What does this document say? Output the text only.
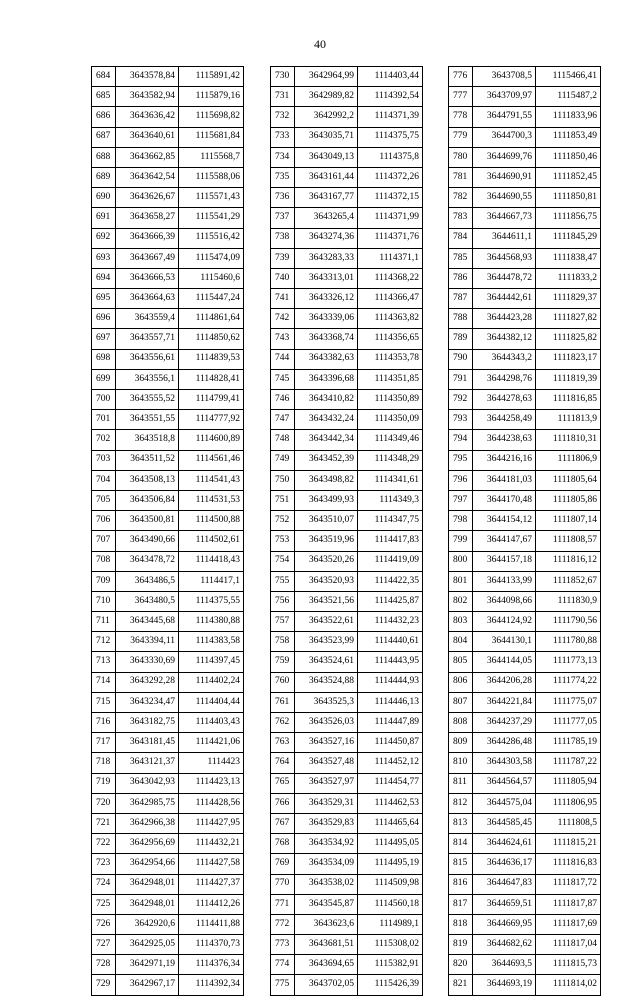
40
684	3643578,84	1115891,42
685	3643582,94	1115879,16
686	3643636,42	1115698,82
687	3643640,61	1115681,84
688	3643662,85	1115568,7
689	3643642,54	1115588,06
690	3643626,67	1115571,43
691	3643658,27	1115541,29
692	3643666,39	1115516,42
693	3643667,49	1115474,09
694	3643666,53	1115460,6
695	3643664,63	1115447,24
696	3643559,4	1114861,64
697	3643557,71	1114850,62
698	3643556,61	1114839,53
699	3643556,1	1114828,41
700	3643555,52	1114799,41
701	3643551,55	1114777,92
702	3643518,8	1114600,89
703	3643511,52	1114561,46
704	3643508,13	1114541,43
705	3643506,84	1114531,53
706	3643500,81	1114500,88
707	3643490,66	1114502,61
708	3643478,72	1114418,43
709	3643486,5	1114417,1
710	3643480,5	1114375,55
711	3643445,68	1114380,88
712	3643394,11	1114383,58
713	3643330,69	1114397,45
714	3643292,28	1114402,24
715	3643234,47	1114404,44
716	3643182,75	1114403,43
717	3643181,45	1114421,06
718	3643121,37	1114423
719	3643042,93	1114423,13
720	3642985,75	1114428,56
721	3642966,38	1114427,95
722	3642956,69	1114432,21
723	3642954,66	1114427,58
724	3642948,01	1114427,37
725	3642948,01	1114412,26
726	3642920,6	1114411,88
727	3642925,05	1114370,73
728	3642971,19	1114376,34
729	3642967,17	1114392,34
730	3642964,99	1114403,44
731	3642989,82	1114392,54
732	3642992,2	1114371,39
733	3643035,71	1114375,75
734	3643049,13	1114375,8
735	3643161,44	1114372,26
736	3643167,77	1114372,15
737	3643265,4	1114371,99
738	3643274,36	1114371,76
739	3643283,33	1114371,1
740	3643313,01	1114368,22
741	3643326,12	1114366,47
742	3643339,06	1114363,82
743	3643368,74	1114356,65
744	3643382,63	1114353,78
745	3643396,68	1114351,85
746	3643410,82	1114350,89
747	3643432,24	1114350,09
748	3643442,34	1114349,46
749	3643452,39	1114348,29
750	3643498,82	1114341,61
751	3643499,93	1114349,3
752	3643510,07	1114347,75
753	3643519,96	1114417,83
754	3643520,26	1114419,09
755	3643520,93	1114422,35
756	3643521,56	1114425,87
757	3643522,61	1114432,23
758	3643523,99	1114440,61
759	3643524,61	1114443,95
760	3643524,88	1114444,93
761	3643525,3	1114446,13
762	3643526,03	1114447,89
763	3643527,16	1114450,87
764	3643527,48	1114452,12
765	3643527,97	1114454,77
766	3643529,31	1114462,53
767	3643529,83	1114465,64
768	3643534,92	1114495,05
769	3643534,09	1114495,19
770	3643538,02	1114509,98
771	3643545,87	1114560,18
772	3643623,6	1114989,1
773	3643681,51	1115308,02
774	3643694,65	1115382,91
775	3643702,05	1115426,39
776	3643708,5	1115466,41
777	3643709,97	1115487,2
778	3644791,55	1111833,96
779	3644700,3	1111853,49
780	3644699,76	1111850,46
781	3644690,91	1111852,45
782	3644690,55	1111850,81
783	3644667,73	1111856,75
784	3644611,1	1111845,29
785	3644568,93	1111838,47
786	3644478,72	1111833,2
787	3644442,61	1111829,37
788	3644423,28	1111827,82
789	3644382,12	1111825,82
790	3644343,2	1111823,17
791	3644298,76	1111819,39
792	3644278,63	1111816,85
793	3644258,49	1111813,9
794	3644238,63	1111810,31
795	3644216,16	1111806,9
796	3644181,03	1111805,64
797	3644170,48	1111805,86
798	3644154,12	1111807,14
799	3644147,67	1111808,57
800	3644157,18	1111816,12
801	3644133,99	1111852,67
802	3644098,66	1111830,9
803	3644124,92	1111790,56
804	3644130,1	1111780,88
805	3644144,05	1111773,13
806	3644206,28	1111774,22
807	3644221,84	1111775,07
808	3644237,29	1111777,05
809	3644286,48	1111785,19
810	3644303,58	1111787,22
811	3644564,57	1111805,94
812	3644575,04	1111806,95
813	3644585,45	1111808,5
814	3644624,61	1111815,21
815	3644636,17	1111816,83
816	3644647,83	1111817,72
817	3644659,51	1111817,87
818	3644669,95	1111817,69
819	3644682,62	1111817,04
820	3644693,5	1111815,73
821	3644693,19	1111814,02
